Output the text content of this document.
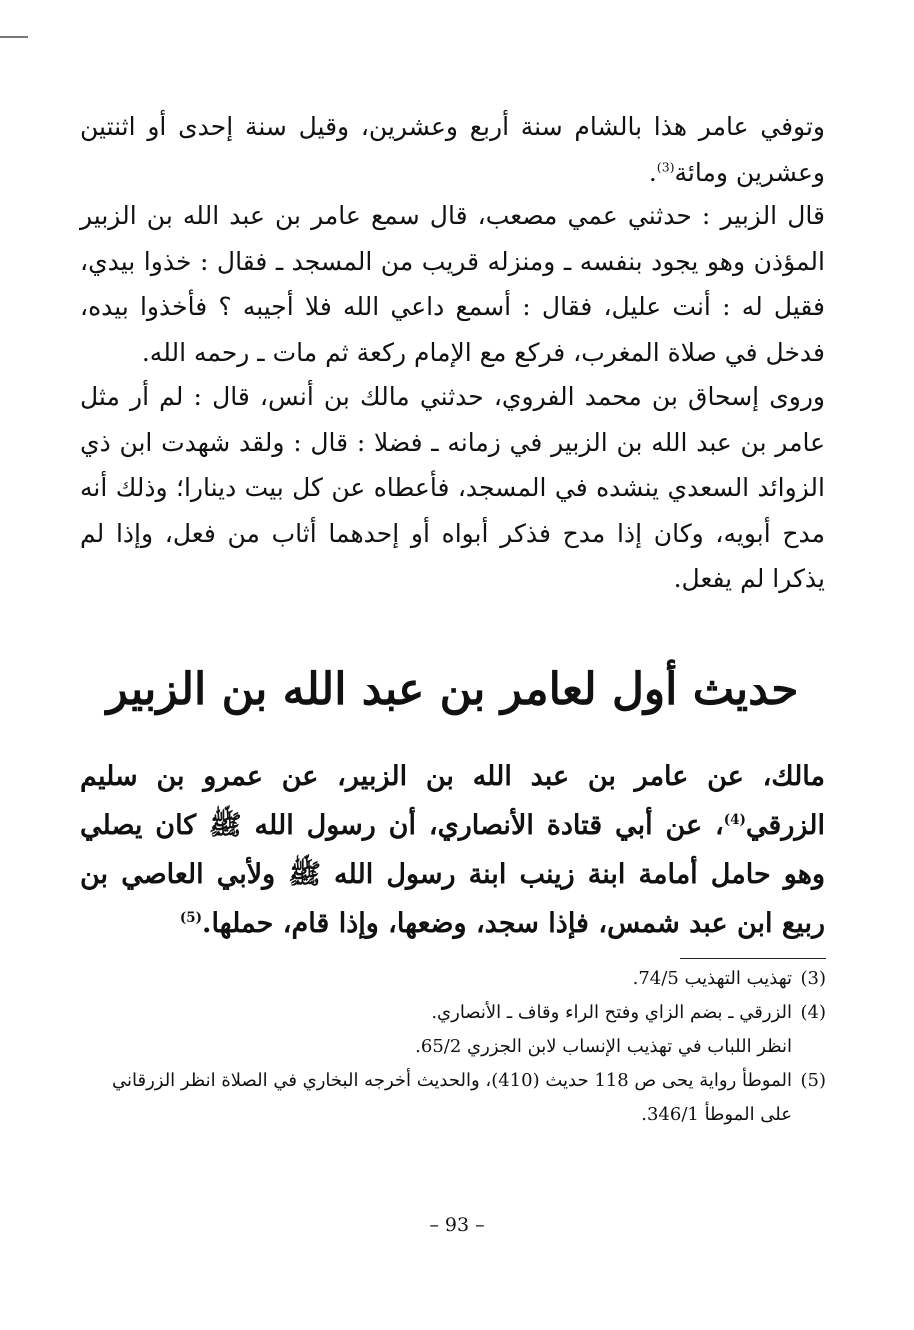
وتوفي عامر هذا بالشام سنة أربع وعشرين، وقيل سنة إحدى أو اثنتين وعشرين ومائة$^{(3)}$.

قال الزبير : حدثني عمي مصعب، قال سمع عامر بن عبد الله بن الزبير المؤذن وهو يجود بنفسه ـ ومنزله قريب من المسجد ـ فقال : خذوا بيدي، فقيل له : أنت عليل، فقال : أسمع داعي الله فلا أجيبه ؟ فأخذوا بيده، فدخل في صلاة المغرب، فركع مع الإمام ركعة ثم مات ـ رحمه الله.

وروى إسحاق بن محمد الفروي، حدثني مالك بن أنس، قال : لم أر مثل عامر بن عبد الله بن الزبير في زمانه ـ فضلا : قال : ولقد شهدت ابن ذي الزوائد السعدي ينشده في المسجد، فأعطاه عن كل بيت دينارا؛ وذلك أنه مدح أبويه، وكان إذا مدح فذكر أبواه أو إحدهما أثاب من فعل، وإذا لم يذكرا لم يفعل.

حديث أول لعامر بن عبد الله بن الزبير

مالك، عن عامر بن عبد الله بن الزبير، عن عمرو بن سليم الزرقي$^{(4)}$، عن أبي قتادة الأنصاري، أن رسول الله ﷺ كان يصلي وهو حامل أمامة ابنة زينب ابنة رسول الله ﷺ ولأبي العاصي بن ربيع ابن عبد شمس، فإذا سجد، وضعها، وإذا قام، حملها.$^{(5)}$

(3)
تهذيب التهذيب 74/5.
(4)
الزرقي ـ بضم الزاي وفتح الراء وقاف ـ الأنصاري.
انظر اللباب في تهذيب الإنساب لابن الجزري 65/2.
(5)
الموطأ رواية يحى ص 118 حديث (410)، والحديث أخرجه البخاري في الصلاة انظر الزرقاني
على الموطأ 346/1.
– 93 –
